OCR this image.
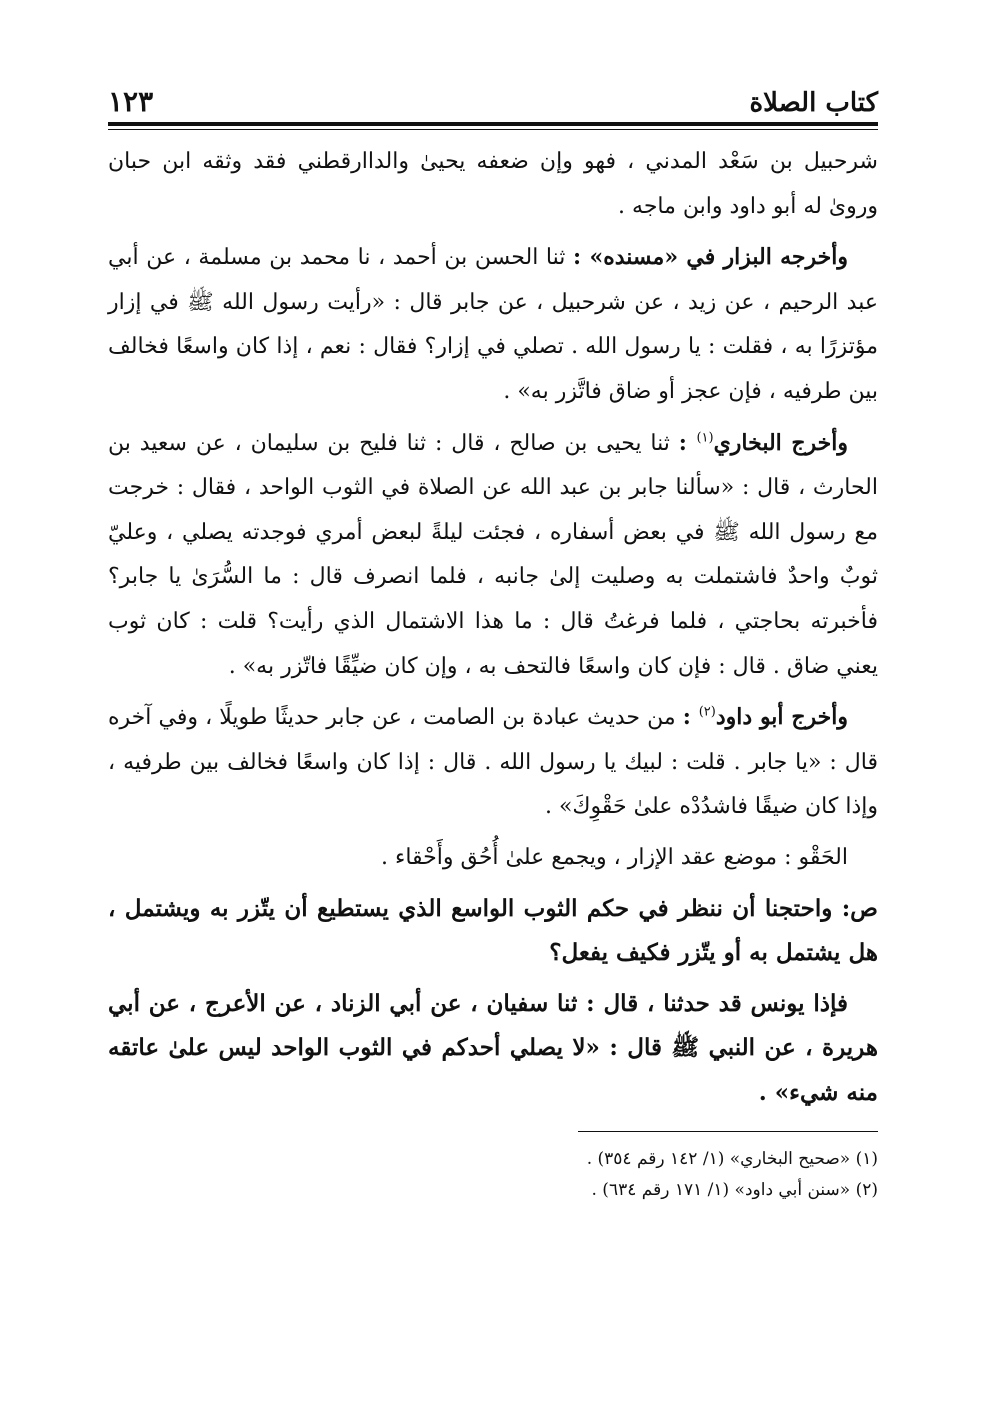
كتاب الصلاة
١٢٣

شرحبيل بن سَعْد المدني ، فهو وإن ضعفه يحيىٰ والداارقطني فقد وثقه ابن حبان وروىٰ له أبو داود وابن ماجه .

وأخرجه البزار في «مسنده» : ثنا الحسن بن أحمد ، نا محمد بن مسلمة ، عن أبي عبد الرحيم ، عن زيد ، عن شرحبيل ، عن جابر قال : «رأيت رسول الله ﷺ في إزار مؤتزرًا به ، فقلت : يا رسول الله . تصلي في إزار؟ فقال : نعم ، إذا كان واسعًا فخالف بين طرفيه ، فإن عجز أو ضاق فاتَّزر به» .

وأخرج البخاري$^{(١)}$ : ثنا يحيى بن صالح ، قال : ثنا فليح بن سليمان ، عن سعيد بن الحارث ، قال : «سألنا جابر بن عبد الله عن الصلاة في الثوب الواحد ، فقال : خرجت مع رسول الله ﷺ في بعض أسفاره ، فجئت ليلةً لبعض أمري فوجدته يصلي ، وعليّ ثوبٌ واحدٌ فاشتملت به وصليت إلىٰ جانبه ، فلما انصرف قال : ما السُّرَىٰ يا جابر؟ فأخبرته بحاجتي ، فلما فرغتُ قال : ما هذا الاشتمال الذي رأيت؟ قلت : كان ثوب يعني ضاق . قال : فإن كان واسعًا فالتحف به ، وإن كان ضيِّقًا فاتّزر به» .

وأخرج أبو داود$^{(٢)}$ : من حديث عبادة بن الصامت ، عن جابر حديثًا طويلًا ، وفي آخره قال : «يا جابر . قلت : لبيك يا رسول الله . قال : إذا كان واسعًا فخالف بين طرفيه ، وإذا كان ضيقًا فاشدُدْه علىٰ حَقْوِكَ» .

الحَقْو : موضع عقد الإزار ، ويجمع علىٰ أُحُق وأَحْقاء .

ص: واحتجنا أن ننظر في حكم الثوب الواسع الذي يستطيع أن يتّزر به ويشتمل ، هل يشتمل به أو يتّزر فكيف يفعل؟

فإذا يونس قد حدثنا ، قال : ثنا سفيان ، عن أبي الزناد ، عن الأعرج ، عن أبي هريرة ، عن النبي ﷺ قال : «لا يصلي أحدكم في الثوب الواحد ليس علىٰ عاتقه منه شيء» .

(١) «صحيح البخاري» (١/ ١٤٢ رقم ٣٥٤) .
(٢) «سنن أبي داود» (١/ ١٧١ رقم ٦٣٤) .
